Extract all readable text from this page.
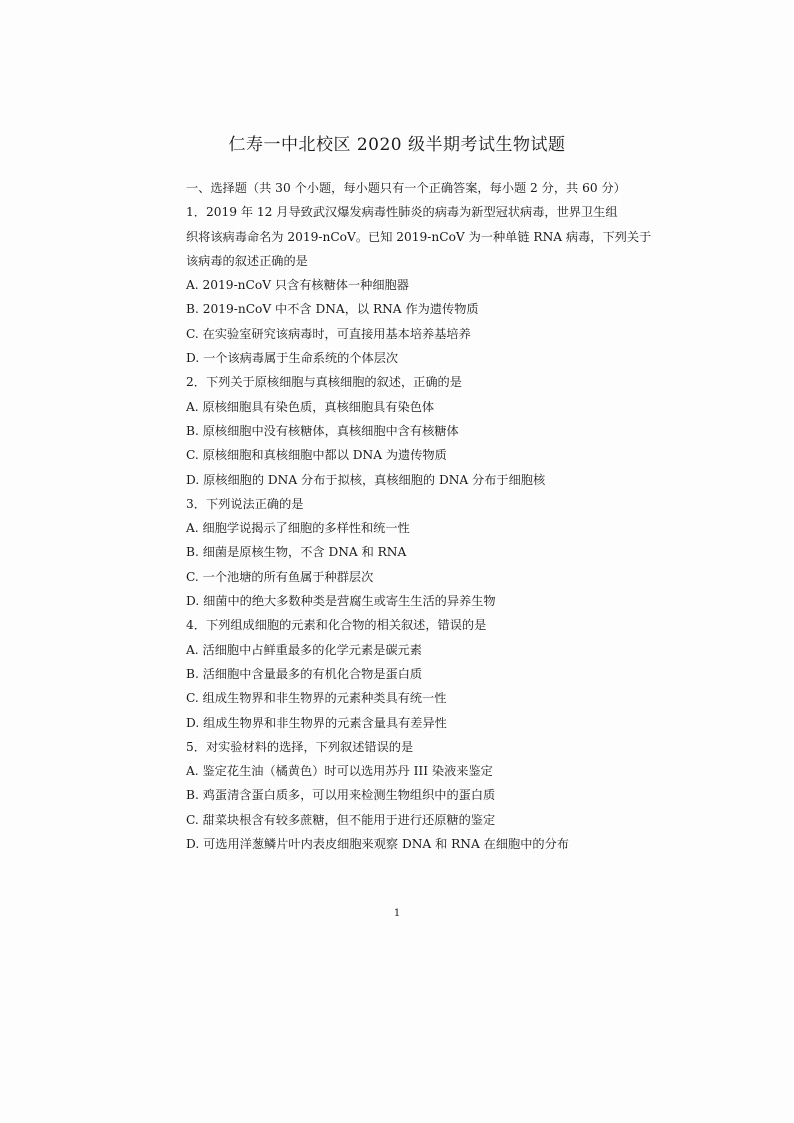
仁寿一中北校区 2020 级半期考试生物试题
一、选择题（共 30 个小题，每小题只有一个正确答案，每小题 2 分，共 60 分）
1．2019 年 12 月导致武汉爆发病毒性肺炎的病毒为新型冠状病毒，世界卫生组
织将该病毒命名为 2019-nCoV。已知 2019-nCoV 为一种单链 RNA 病毒，下列关于
该病毒的叙述正确的是
A. 2019-nCoV 只含有核糖体一种细胞器
B. 2019-nCoV 中不含 DNA，以 RNA 作为遗传物质
C. 在实验室研究该病毒时，可直接用基本培养基培养
D. 一个该病毒属于生命系统的个体层次
2．下列关于原核细胞与真核细胞的叙述，正确的是
A. 原核细胞具有染色质，真核细胞具有染色体
B. 原核细胞中没有核糖体，真核细胞中含有核糖体
C. 原核细胞和真核细胞中都以 DNA 为遗传物质
D. 原核细胞的 DNA 分布于拟核，真核细胞的 DNA 分布于细胞核
3．下列说法正确的是
A. 细胞学说揭示了细胞的多样性和统一性
B. 细菌是原核生物，不含 DNA 和 RNA
C. 一个池塘的所有鱼属于种群层次
D. 细菌中的绝大多数种类是营腐生或寄生生活的异养生物
4．下列组成细胞的元素和化合物的相关叙述，错误的是
A. 活细胞中占鲜重最多的化学元素是碳元素
B. 活细胞中含量最多的有机化合物是蛋白质
C. 组成生物界和非生物界的元素种类具有统一性
D. 组成生物界和非生物界的元素含量具有差异性
5．对实验材料的选择，下列叙述错误的是
A. 鉴定花生油（橘黄色）时可以选用苏丹 III 染液来鉴定
B. 鸡蛋清含蛋白质多，可以用来检测生物组织中的蛋白质
C. 甜菜块根含有较多蔗糖，但不能用于进行还原糖的鉴定
D. 可选用洋葱鳞片叶内表皮细胞来观察 DNA 和 RNA 在细胞中的分布
1
